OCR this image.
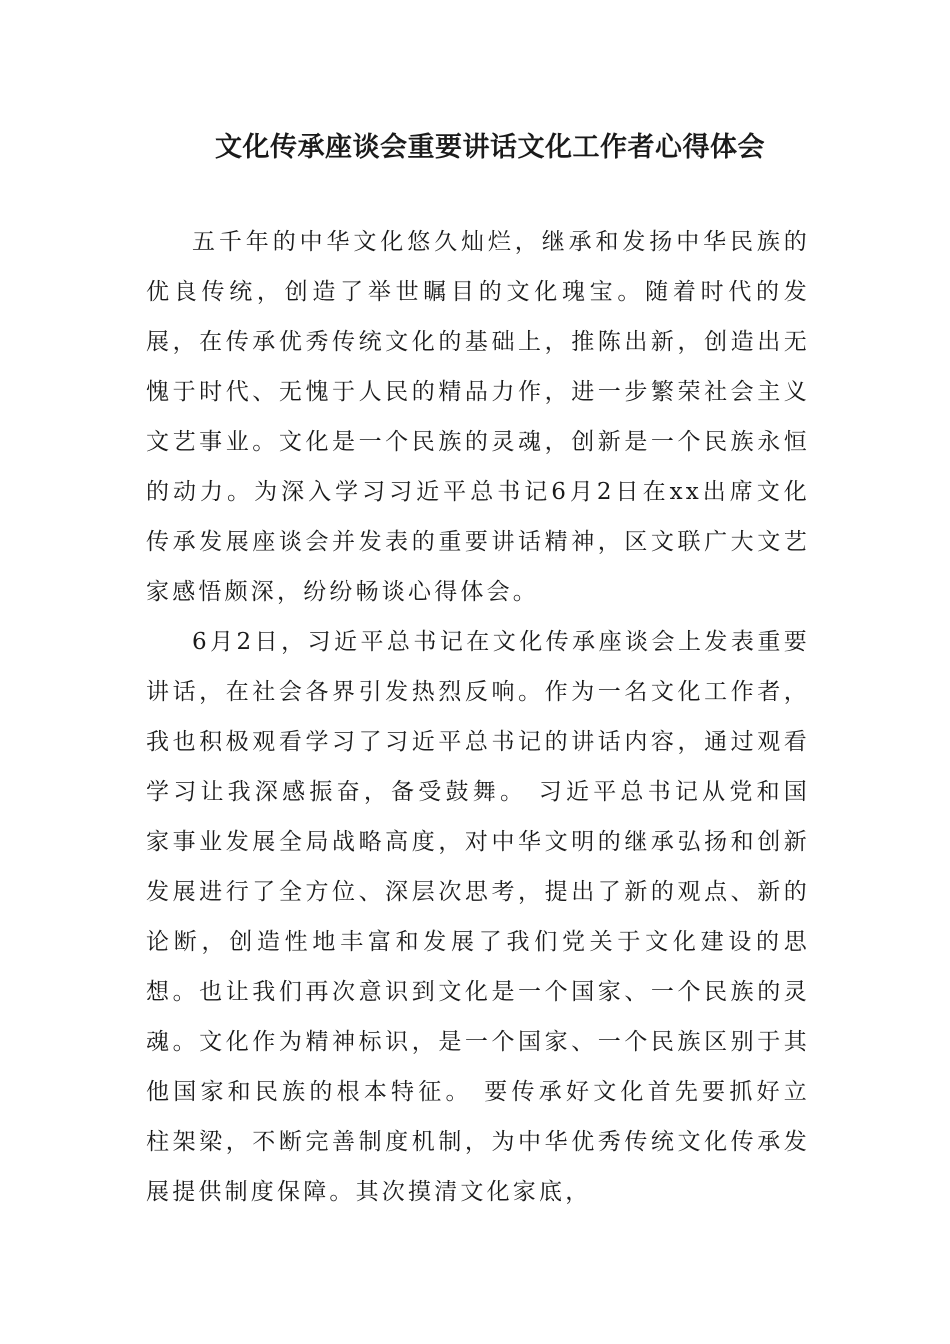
文化传承座谈会重要讲话文化工作者心得体会

五千年的中华文化悠久灿烂，继承和发扬中华民族的优良传统，创造了举世瞩目的文化瑰宝。随着时代的发展，在传承优秀传统文化的基础上，推陈出新，创造出无愧于时代、无愧于人民的精品力作，进一步繁荣社会主义文艺事业。文化是一个民族的灵魂，创新是一个民族永恒的动力。为深入学习习近平总书记6月2日在xx出席文化传承发展座谈会并发表的重要讲话精神，区文联广大文艺家感悟颇深，纷纷畅谈心得体会。

6月2日，习近平总书记在文化传承座谈会上发表重要讲话，在社会各界引发热烈反响。作为一名文化工作者，我也积极观看学习了习近平总书记的讲话内容，通过观看学习让我深感振奋，备受鼓舞。 习近平总书记从党和国家事业发展全局战略高度，对中华文明的继承弘扬和创新发展进行了全方位、深层次思考，提出了新的观点、新的论断，创造性地丰富和发展了我们党关于文化建设的思想。也让我们再次意识到文化是一个国家、一个民族的灵魂。文化作为精神标识，是一个国家、一个民族区别于其他国家和民族的根本特征。 要传承好文化首先要抓好立柱架梁，不断完善制度机制，为中华优秀传统文化传承发展提供制度保障。其次摸清文化家底，
